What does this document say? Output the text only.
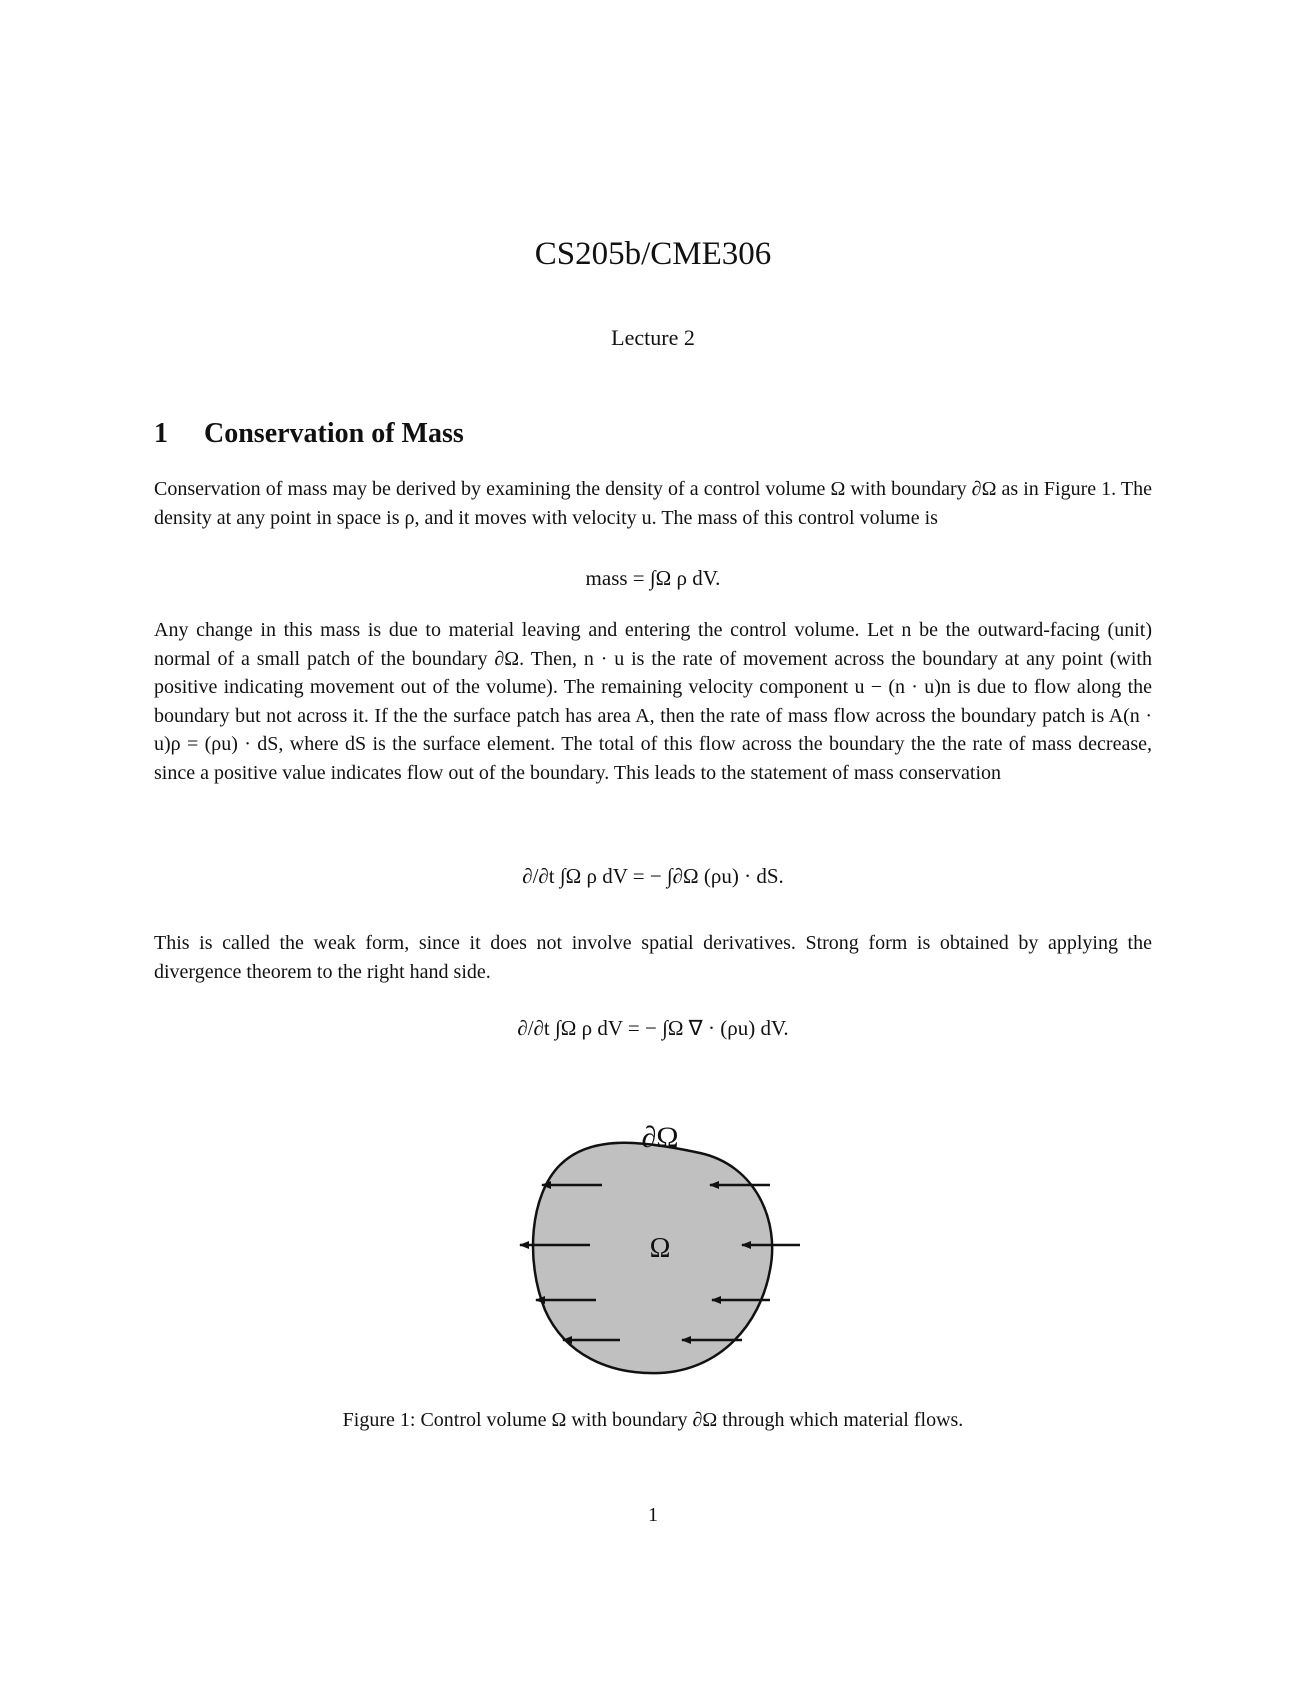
CS205b/CME306
Lecture 2
1 Conservation of Mass

Conservation of mass may be derived by examining the density of a control volume Ω with boundary ∂Ω as in Figure 1. The density at any point in space is ρ, and it moves with velocity u. The mass of this control volume is

mass = ∫Ω ρ dV.

Any change in this mass is due to material leaving and entering the control volume. Let n be the outward-facing (unit) normal of a small patch of the boundary ∂Ω. Then, n · u is the rate of movement across the boundary at any point (with positive indicating movement out of the volume). The remaining velocity component u − (n · u)n is due to flow along the boundary but not across it. If the the surface patch has area A, then the rate of mass flow across the boundary patch is A(n · u)ρ = (ρu) · dS, where dS is the surface element. The total of this flow across the boundary the the rate of mass decrease, since a positive value indicates flow out of the boundary. This leads to the statement of mass conservation

∂/∂t ∫Ω ρ dV = − ∫∂Ω (ρu) · dS.

This is called the weak form, since it does not involve spatial derivatives. Strong form is obtained by applying the divergence theorem to the right hand side.

∂/∂t ∫Ω ρ dV = − ∫Ω ∇ · (ρu) dV.
∂Ω
Ω
Figure 1: Control volume Ω with boundary ∂Ω through which material flows.
1
